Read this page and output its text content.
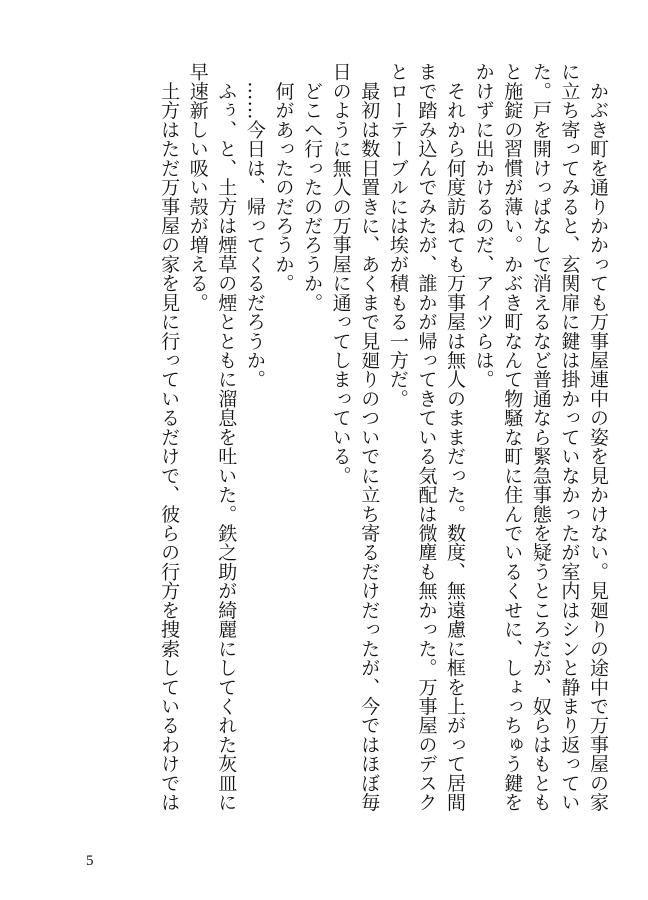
　かぶき町を通りかかっても万事屋連中の姿を見かけない。見廻りの途中で万事屋の家
に立ち寄ってみると、玄関扉に鍵は掛かっていなかったが室内はシンと静まり返ってい
た。戸を開けっぱなしで消えるなど普通なら緊急事態を疑うところだが、奴らはもとも
と施錠の習慣が薄い。かぶき町なんて物騒な町に住んでいるくせに、しょっちゅう鍵を
かけずに出かけるのだ、アイツらは。
　それから何度訪ねても万事屋は無人のままだった。数度、無遠慮に框を上がって居間
まで踏み込んでみたが、誰かが帰ってきている気配は微塵も無かった。万事屋のデスク
とローテーブルには埃が積もる一方だ。
　最初は数日置きに、あくまで見廻りのついでに立ち寄るだけだったが、今ではほぼ毎
日のように無人の万事屋に通ってしまっている。
　どこへ行ったのだろうか。
　何があったのだろうか。
　……今日は、帰ってくるだろうか。
　ふぅ、と、土方は煙草の煙とともに溜息を吐いた。鉄之助が綺麗にしてくれた灰皿に
早速新しい吸い殻が増える。
　土方はただ万事屋の家を見に行っているだけで、彼らの行方を捜索しているわけでは
5
